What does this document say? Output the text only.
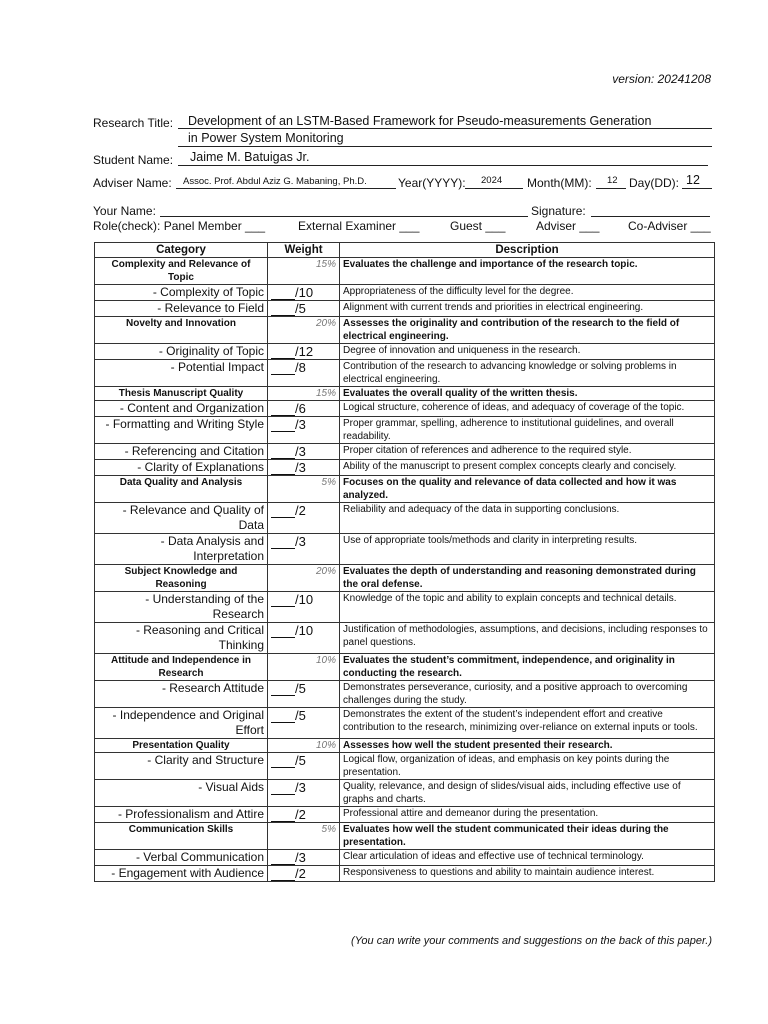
version: 20241208
Research Title: Development of an LSTM-Based Framework for Pseudo-measurements Generation
in Power System Monitoring
Student Name: Jaime M. Batuigas Jr.
Adviser Name: Assoc. Prof. Abdul Aziz G. Mabaning, Ph.D.	Year(YYYY): 2024 Month(MM): 12 Day(DD): 12
Your Name:	Signature:
Role(check): Panel Member ___	External Examiner ___	Guest ___	Adviser ___ Co-Adviser ___
Category	Weight	Description
Complexity and Relevance of Topic	15%	Evaluates the challenge and importance of the research topic.
- Complexity of Topic	/10	Appropriateness of the difficulty level for the degree.
- Relevance to Field	/5	Alignment with current trends and priorities in electrical engineering.
Novelty and Innovation	20%	Assesses the originality and contribution of the research to the field of electrical engineering.
- Originality of Topic	/12	Degree of innovation and uniqueness in the research.
- Potential Impact	/8	Contribution of the research to advancing knowledge or solving problems in electrical engineering.
Thesis Manuscript Quality	15%	Evaluates the overall quality of the written thesis.
- Content and Organization	/6	Logical structure, coherence of ideas, and adequacy of coverage of the topic.
- Formatting and Writing Style	/3	Proper grammar, spelling, adherence to institutional guidelines, and overall readability.
- Referencing and Citation	/3	Proper citation of references and adherence to the required style.
- Clarity of Explanations	/3	Ability of the manuscript to present complex concepts clearly and concisely.
Data Quality and Analysis	5%	Focuses on the quality and relevance of data collected and how it was analyzed.
- Relevance and Quality of Data	/2	Reliability and adequacy of the data in supporting conclusions.
- Data Analysis and Interpretation	/3	Use of appropriate tools/methods and clarity in interpreting results.
Subject Knowledge and Reasoning	20%	Evaluates the depth of understanding and reasoning demonstrated during the oral defense.
- Understanding of the Research	/10	Knowledge of the topic and ability to explain concepts and technical details.
- Reasoning and Critical Thinking	/10	Justification of methodologies, assumptions, and decisions, including responses to panel questions.
Attitude and Independence in Research	10%	Evaluates the student’s commitment, independence, and originality in conducting the research.
- Research Attitude	/5	Demonstrates perseverance, curiosity, and a positive approach to overcoming challenges during the study.
- Independence and Original Effort	/5	Demonstrates the extent of the student’s independent effort and creative contribution to the research, minimizing over-reliance on external inputs or tools.
Presentation Quality	10%	Assesses how well the student presented their research.
- Clarity and Structure	/5	Logical flow, organization of ideas, and emphasis on key points during the presentation.
- Visual Aids	/3	Quality, relevance, and design of slides/visual aids, including effective use of graphs and charts.
- Professionalism and Attire	/2	Professional attire and demeanor during the presentation.
Communication Skills	5%	Evaluates how well the student communicated their ideas during the presentation.
- Verbal Communication	/3	Clear articulation of ideas and effective use of technical terminology.
- Engagement with Audience	/2	Responsiveness to questions and ability to maintain audience interest.
(You can write your comments and suggestions on the back of this paper.)
